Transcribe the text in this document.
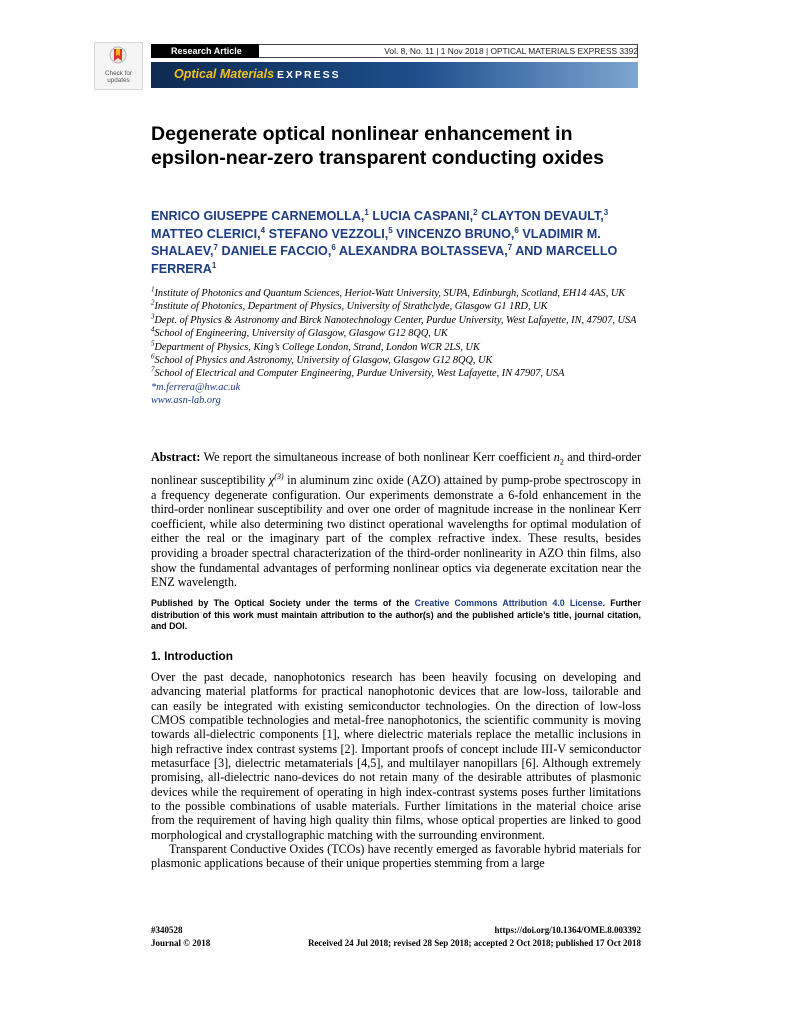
Check for
updates
Research Article	Vol. 8, No. 11 | 1 Nov 2018 | OPTICAL MATERIALS EXPRESS 3392
Optical Materials EXPRESS
Degenerate optical nonlinear enhancement in epsilon-near-zero transparent conducting oxides
ENRICO GIUSEPPE CARNEMOLLA,$^1$ LUCIA CASPANI,$^2$ CLAYTON DEVAULT,$^3$ MATTEO CLERICI,$^4$ STEFANO VEZZOLI,$^5$ VINCENZO BRUNO,$^6$ VLADIMIR M. SHALAEV,$^7$ DANIELE FACCIO,$^6$ ALEXANDRA BOLTASSEVA,$^7$ AND MARCELLO FERRERA$^1$
$^1$Institute of Photonics and Quantum Sciences, Heriot-Watt University, SUPA, Edinburgh, Scotland, EH14 4AS, UK
$^2$Institute of Photonics, Department of Physics, University of Strathclyde, Glasgow G1 1RD, UK
$^3$Dept. of Physics & Astronomy and Birck Nanotechnology Center, Purdue University, West Lafayette, IN, 47907, USA
$^4$School of Engineering, University of Glasgow, Glasgow G12 8QQ, UK
$^5$Department of Physics, King’s College London, Strand, London WCR 2LS, UK
$^6$School of Physics and Astronomy, University of Glasgow, Glasgow G12 8QQ, UK
$^7$School of Electrical and Computer Engineering, Purdue University, West Lafayette, IN 47907, USA
*m.ferrera@hw.ac.uk
www.asn-lab.org
Abstract: We report the simultaneous increase of both nonlinear Kerr coefficient $n_2$ and third-order nonlinear susceptibility $\chi^{(3)}$ in aluminum zinc oxide (AZO) attained by pump-probe spectroscopy in a frequency degenerate configuration. Our experiments demonstrate a 6-fold enhancement in the third-order nonlinear susceptibility and over one order of magnitude increase in the nonlinear Kerr coefficient, while also determining two distinct operational wavelengths for optimal modulation of either the real or the imaginary part of the complex refractive index. These results, besides providing a broader spectral characterization of the third-order nonlinearity in AZO thin films, also show the fundamental advantages of performing nonlinear optics via degenerate excitation near the ENZ wavelength.
Published by The Optical Society under the terms of the Creative Commons Attribution 4.0 License. Further distribution of this work must maintain attribution to the author(s) and the published article’s title, journal citation, and DOI.
1. Introduction

Over the past decade, nanophotonics research has been heavily focusing on developing and advancing material platforms for practical nanophotonic devices that are low-loss, tailorable and can easily be integrated with existing semiconductor technologies. On the direction of low-loss CMOS compatible technologies and metal-free nanophotonics, the scientific community is moving towards all-dielectric components [1], where dielectric materials replace the metallic inclusions in high refractive index contrast systems [2]. Important proofs of concept include III-V semiconductor metasurface [3], dielectric metamaterials [4,5], and multilayer nanopillars [6]. Although extremely promising, all-dielectric nano-devices do not retain many of the desirable attributes of plasmonic devices while the requirement of operating in high index-contrast systems poses further limitations to the possible combinations of usable materials. Further limitations in the material choice arise from the requirement of having high quality thin films, whose optical properties are linked to good morphological and crystallographic matching with the surrounding environment.

Transparent Conductive Oxides (TCOs) have recently emerged as favorable hybrid materials for plasmonic applications because of their unique properties stemming from a large

#340528	https://doi.org/10.1364/OME.8.003392
Journal © 2018	Received 24 Jul 2018; revised 28 Sep 2018; accepted 2 Oct 2018; published 17 Oct 2018
